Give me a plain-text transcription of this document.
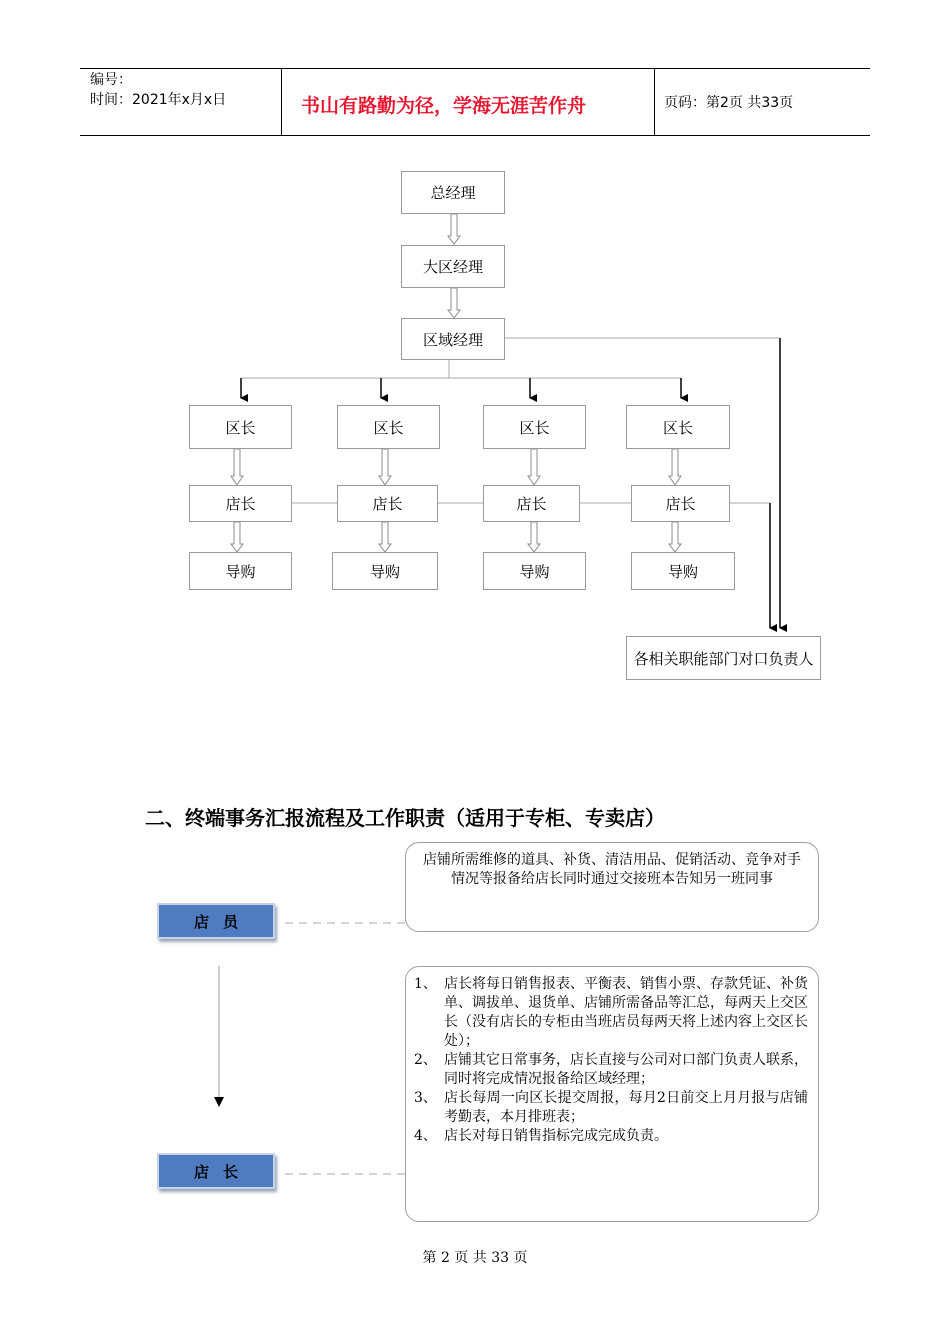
编号：
时间：2021年x月x日	书山有路勤为径，学海无涯苦作舟	页码：第2页 共33页
总经理
大区经理
区域经理
区长	区长	区长	区长
店长	店长	店长	店长
导购	导购	导购	导购
各相关职能部门对口负责人
二、终端事务汇报流程及工作职责（适用于专柜、专卖店）
店员
店长
店铺所需维修的道具、补货、清洁用品、促销活动、竞争对手情况等报备给店长同时通过交接班本告知另一班同事
1、 店长将每日销售报表、平衡表、销售小票、存款凭证、补货单、调拔单、退货单、店铺所需备品等汇总，每两天上交区长（没有店长的专柜由当班店员每两天将上述内容上交区长处）；
2、 店铺其它日常事务，店长直接与公司对口部门负责人联系，同时将完成情况报备给区域经理；
3、 店长每周一向区长提交周报，每月2日前交上月月报与店铺考勤表，本月排班表；
4、 店长对每日销售指标完成完成负责。
第 2 页 共 33 页
